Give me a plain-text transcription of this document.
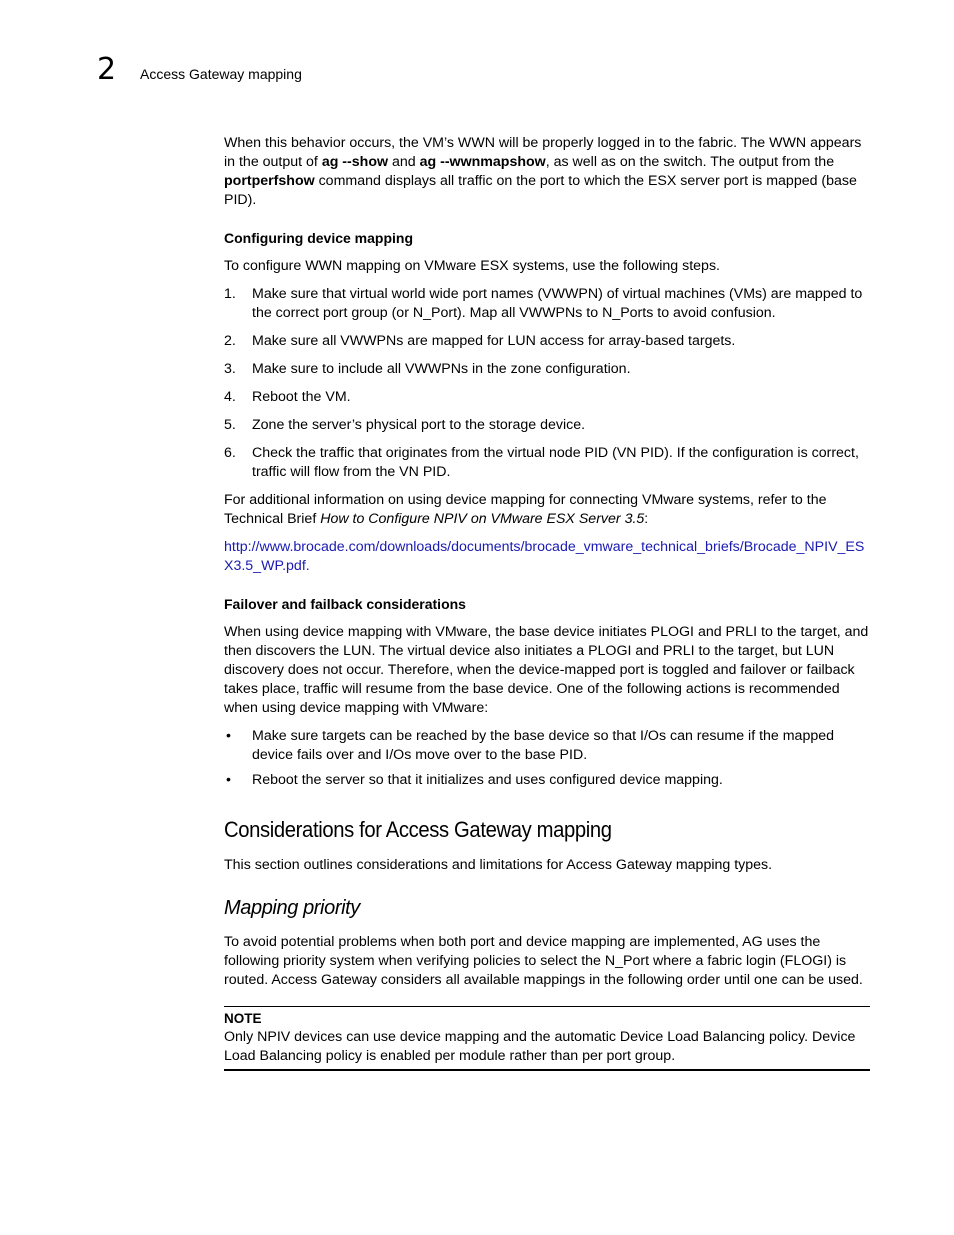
2 Access Gateway mapping

When this behavior occurs, the VM’s WWN will be properly logged in to the fabric. The WWN appears in the output of ag --show and ag --wwnmapshow, as well as on the switch. The output from the portperfshow command displays all traffic on the port to which the ESX server port is mapped (base PID).

Configuring device mapping

To configure WWN mapping on VMware ESX systems, use the following steps.

1. Make sure that virtual world wide port names (VWWPN) of virtual machines (VMs) are mapped to the correct port group (or N_Port). Map all VWWPNs to N_Ports to avoid confusion.
2. Make sure all VWWPNs are mapped for LUN access for array-based targets.
3. Make sure to include all VWWPNs in the zone configuration.
4. Reboot the VM.
5. Zone the server’s physical port to the storage device.
6. Check the traffic that originates from the virtual node PID (VN PID). If the configuration is correct, traffic will flow from the VN PID.

For additional information on using device mapping for connecting VMware systems, refer to the Technical Brief How to Configure NPIV on VMware ESX Server 3.5:

http://www.brocade.com/downloads/documents/brocade_vmware_technical_briefs/Brocade_NPIV_ESX3.5_WP.pdf.

Failover and failback considerations

When using device mapping with VMware, the base device initiates PLOGI and PRLI to the target, and then discovers the LUN. The virtual device also initiates a PLOGI and PRLI to the target, but LUN discovery does not occur. Therefore, when the device-mapped port is toggled and failover or failback takes place, traffic will resume from the base device. One of the following actions is recommended when using device mapping with VMware:

• Make sure targets can be reached by the base device so that I/Os can resume if the mapped device fails over and I/Os move over to the base PID.
• Reboot the server so that it initializes and uses configured device mapping.
Considerations for Access Gateway mapping

This section outlines considerations and limitations for Access Gateway mapping types.

Mapping priority

To avoid potential problems when both port and device mapping are implemented, AG uses the following priority system when verifying policies to select the N_Port where a fabric login (FLOGI) is routed. Access Gateway considers all available mappings in the following order until one can be used.

NOTE

Only NPIV devices can use device mapping and the automatic Device Load Balancing policy. Device Load Balancing policy is enabled per module rather than per port group.
